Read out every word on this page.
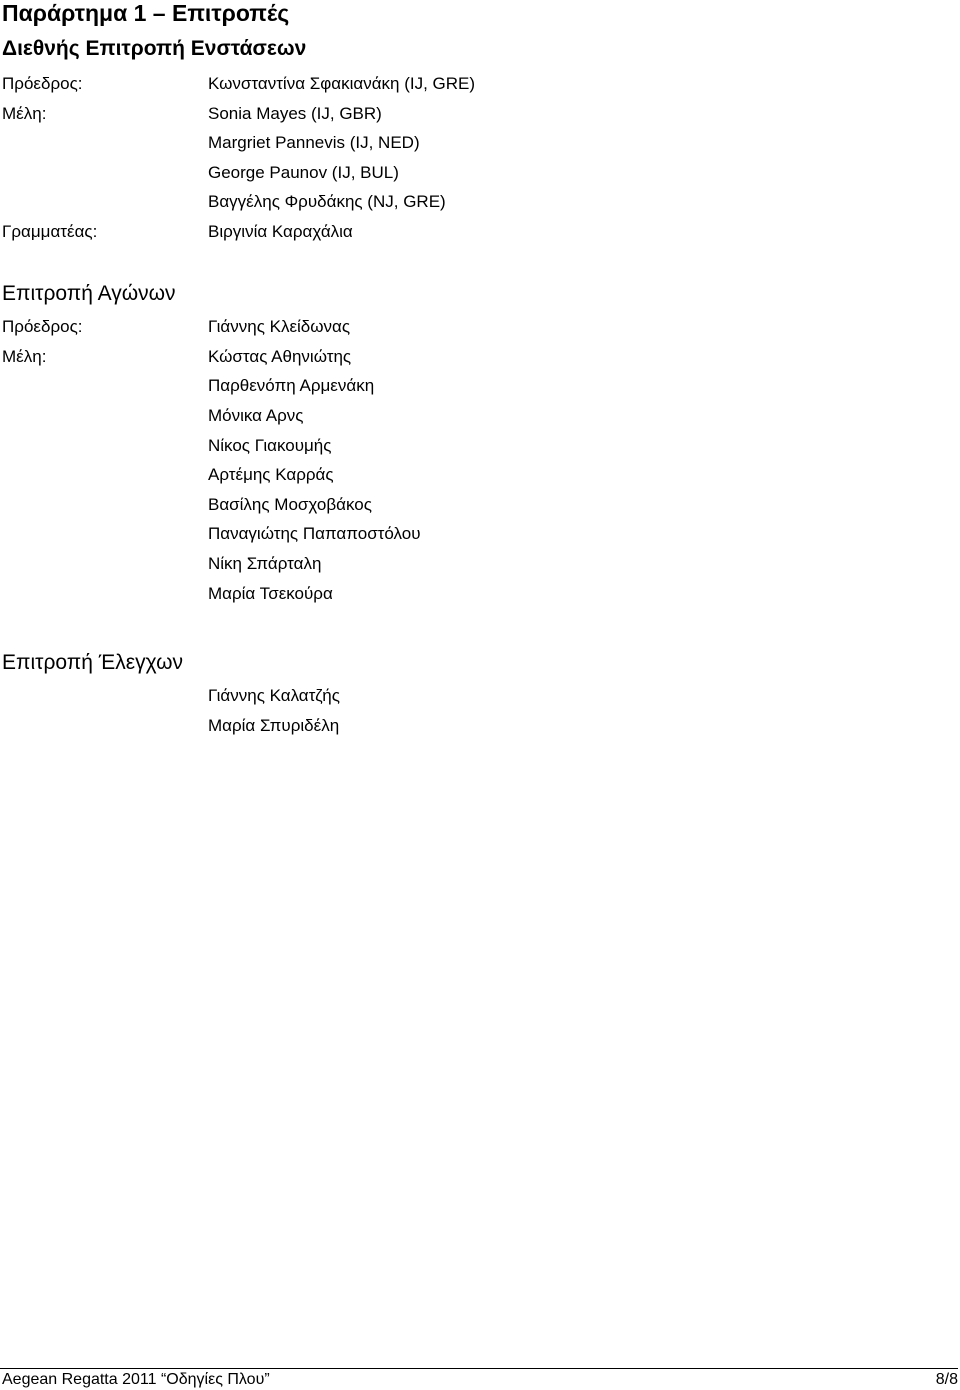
Παράρτημα 1 – Επιτροπές
Διεθνής Επιτροπή Ενστάσεων
Πρόεδρος:	Κωνσταντίνα Σφακιανάκη (IJ, GRE)
Μέλη:	Sonia Mayes (IJ, GBR)
Margriet Pannevis (IJ, NED)
George Paunov (IJ, BUL)
Βαγγέλης Φρυδάκης (NJ, GRE)
Γραμματέας:	Βιργινία Καραχάλια
Επιτροπή Αγώνων
Πρόεδρος:	Γιάννης Κλείδωνας
Μέλη:	Κώστας Αθηνιώτης
Παρθενόπη Αρμενάκη
Μόνικα Αρνς
Νίκος Γιακουμής
Αρτέμης Καρράς
Βασίλης Μοσχοβάκος
Παναγιώτης Παπαποστόλου
Νίκη Σπάρταλη
Μαρία Τσεκούρα
Επιτροπή Έλεγχων
Γιάννης Καλατζής
Μαρία Σπυριδέλη
Aegean Regatta 2011 “Οδηγίες Πλου”	8/8
